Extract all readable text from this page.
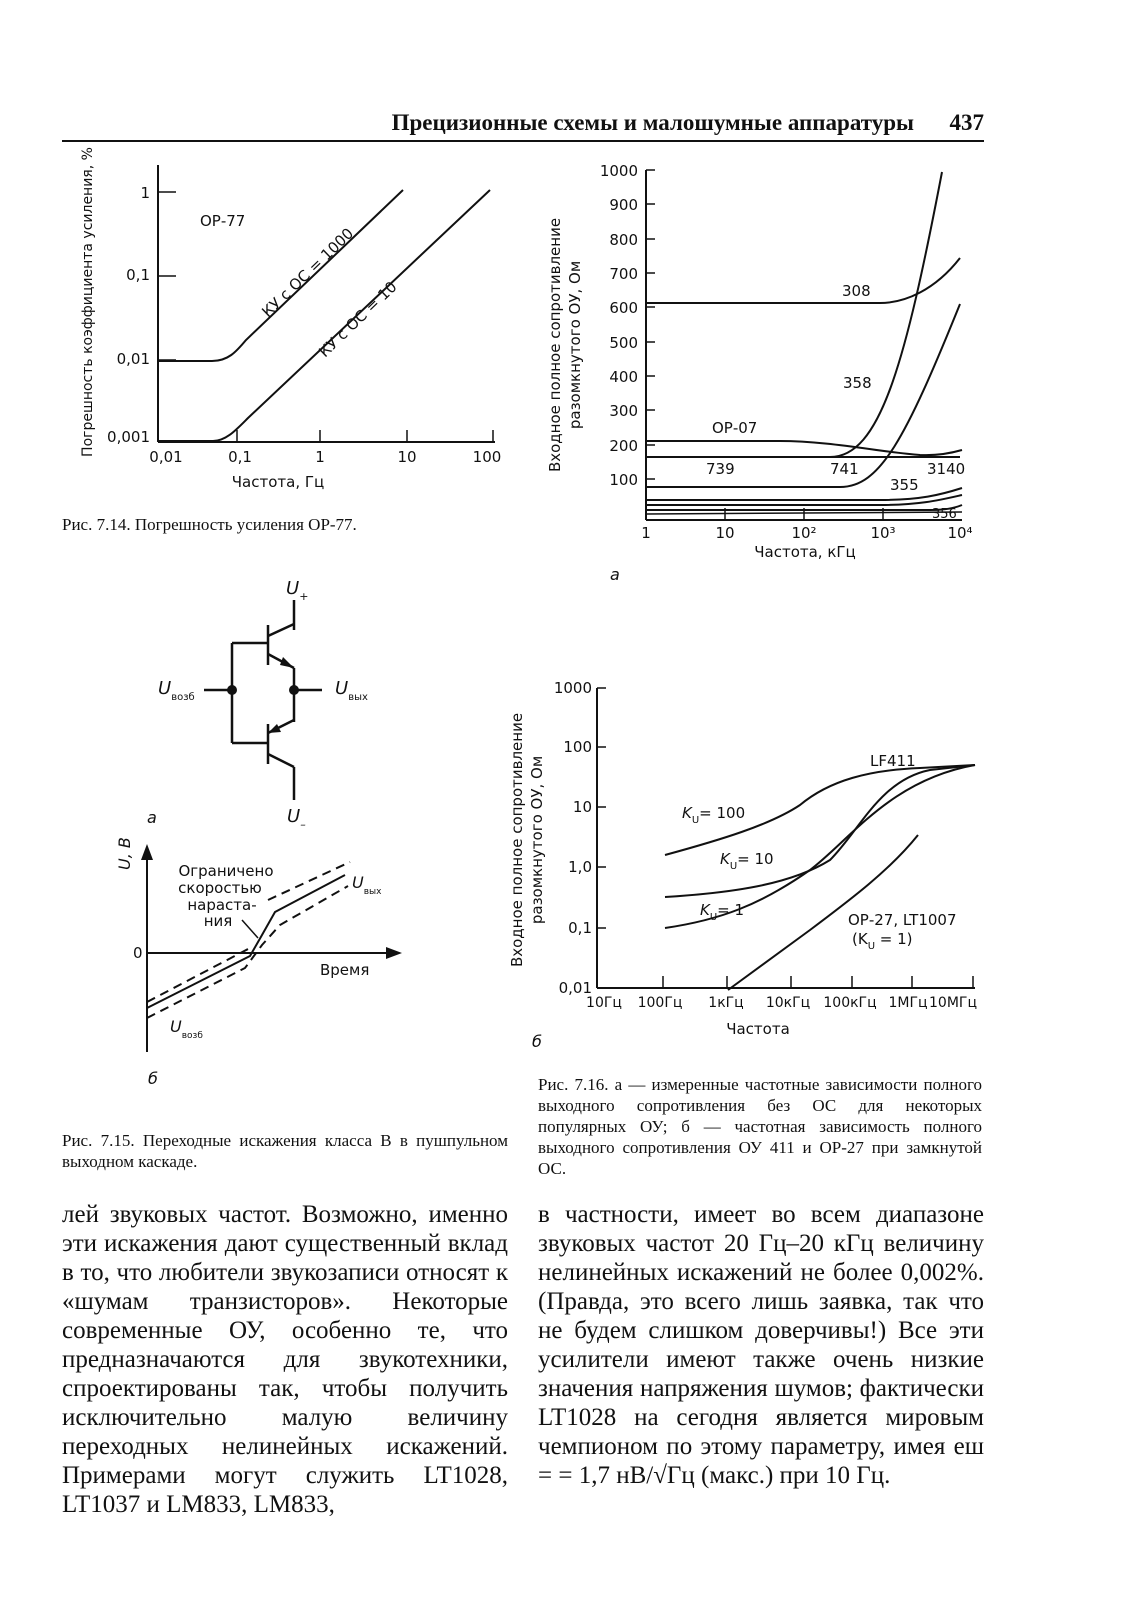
Прецизионные схемы и малошумные аппаратуры 437
Погрешность коэффициента усиления, %	1
0,1
0,01
0,001
0,01	0,1	1	10	100
Частота, Гц
ОР-77
КУ с ОС = 1000
КУ с ОС = 10	Входное полное сопротивление разомкнутого ОУ, Ом
1000
900
800
700
600
500
400
300
200
100
1	10	10²	10³	10⁴
Частота, кГц
а
308
358
ОР-07
739	741
355
3140
356
$U_+$
$U_-$
$U_{возб}$	$U_{вых}$
а
U, В
0
Время
Ограничено
скоростью
нараста-
ния
$U_{вых}$
$U_{возб}$
б
Входное полное сопротивление разомкнутого ОУ, Ом
1000
100
10
1,0
0,1
0,01
10Гц 100Гц 1кГц 10кГц 100кГц 1МГц 10МГц
Частота
б
LF411
$K_U= 100$
$K_U= 10$
$K_U= 1$
ОР-27, LT1007
$(K_U = 1)$
Рис. 7.14. Погрешность усиления ОР-77.
Рис. 7.15. Переходные искажения класса В в пушпульном выходном каскаде.
Рис. 7.16. а — измеренные частотные зависимости полного выходного сопротивления без ОС для некоторых популярных ОУ; б — частотная зависимость полного выходного сопротивления ОУ 411 и ОР-27 при замкнутой ОС.

лей звуковых частот. Возможно, именно эти искажения дают существенный вклад в то, что любители звукозаписи относят к «шумам транзисторов». Некоторые современные ОУ, особенно те, что предназначаются для звукотехники, спроектированы так, чтобы получить исключительно малую величину переходных нелинейных искажений. Примерами могут служить LT1028, LT1037 и LM833, LM833,

в частности, имеет во всем диапазоне звуковых частот 20 Гц–20 кГц величину нелинейных искажений не более 0,002%. (Правда, это всего лишь заявка, так что не будем слишком доверчивы!) Все эти усилители имеют также очень низкие значения напряжения шумов; фактически LT1028 на сегодня является мировым чемпионом по этому параметру, имея eш = = 1,7 нВ/√Гц (макс.) при 10 Гц.
